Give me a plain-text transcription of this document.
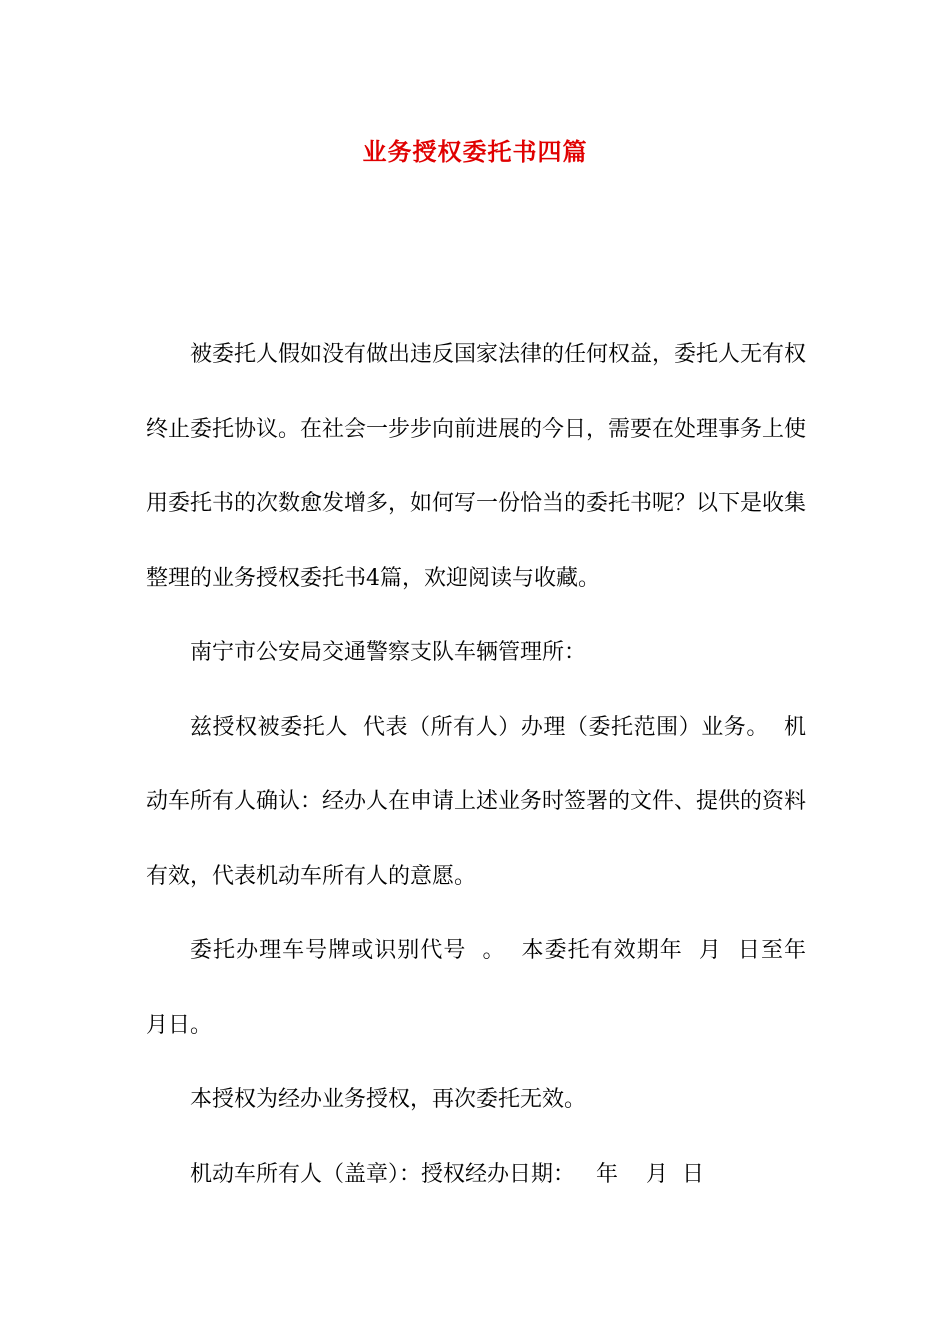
业务授权委托书四篇

被委托人假如没有做出违反国家法律的任何权益，委托人无有权终止委托协议。在社会一步步向前进展的今日，需要在处理事务上使用委托书的次数愈发增多，如何写一份恰当的委托书呢？以下是收集整理的业务授权委托书4篇，欢迎阅读与收藏。

南宁市公安局交通警察支队车辆管理所：

兹授权被委托人  代表（所有人）办理（委托范围）业务。  机动车所有人确认：经办人在申请上述业务时签署的文件、提供的资料有效，代表机动车所有人的意愿。

委托办理车号牌或识别代号  。  本委托有效期年  月  日至年  月日。

本授权为经办业务授权，再次委托无效。

机动车所有人（盖章）：授权经办日期：   年    月  日
